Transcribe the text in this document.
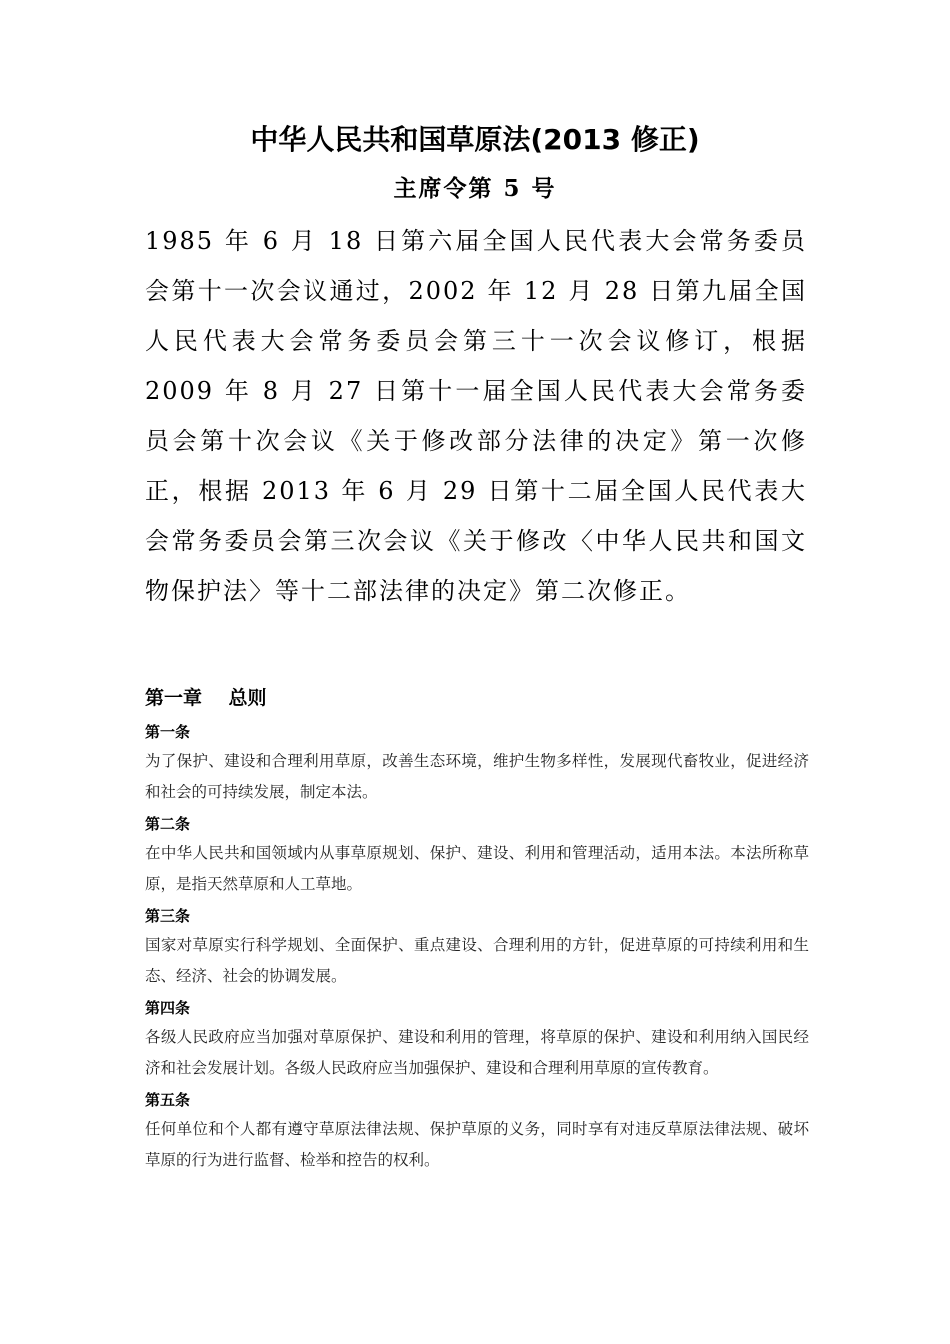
中华人民共和国草原法(2013 修正)
主席令第 5 号

1985 年 6 月 18 日第六届全国人民代表大会常务委员会第十一次会议通过，2002 年 12 月 28 日第九届全国人民代表大会常务委员会第三十一次会议修订，根据 2009 年 8 月 27 日第十一届全国人民代表大会常务委员会第十次会议《关于修改部分法律的决定》第一次修正，根据 2013 年 6 月 29 日第十二届全国人民代表大会常务委员会第三次会议《关于修改〈中华人民共和国文物保护法〉等十二部法律的决定》第二次修正。

第一章    总则

第一条

为了保护、建设和合理利用草原，改善生态环境，维护生物多样性，发展现代畜牧业，促进经济和社会的可持续发展，制定本法。

第二条

在中华人民共和国领域内从事草原规划、保护、建设、利用和管理活动，适用本法。本法所称草原，是指天然草原和人工草地。

第三条

国家对草原实行科学规划、全面保护、重点建设、合理利用的方针，促进草原的可持续利用和生态、经济、社会的协调发展。

第四条

各级人民政府应当加强对草原保护、建设和利用的管理，将草原的保护、建设和利用纳入国民经济和社会发展计划。各级人民政府应当加强保护、建设和合理利用草原的宣传教育。

第五条

任何单位和个人都有遵守草原法律法规、保护草原的义务，同时享有对违反草原法律法规、破坏草原的行为进行监督、检举和控告的权利。
